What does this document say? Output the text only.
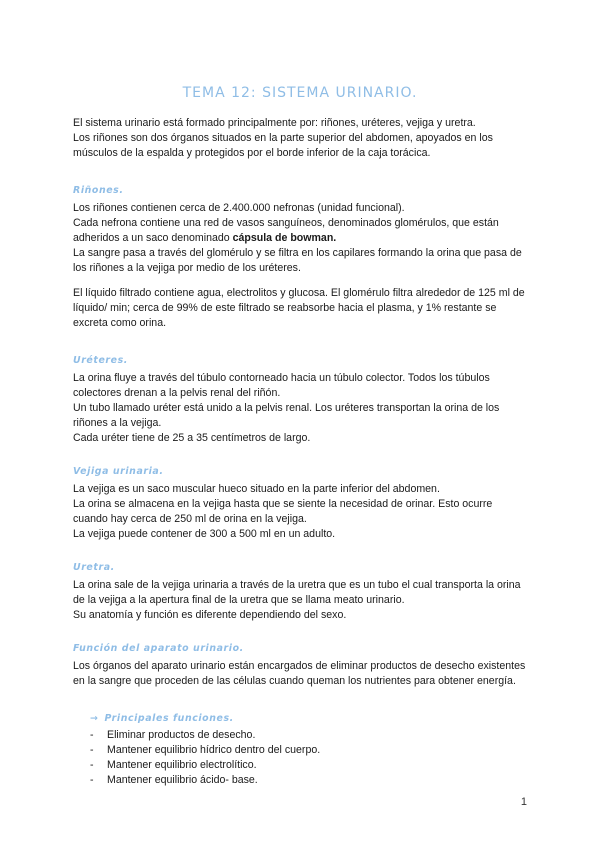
TEMA 12: SISTEMA URINARIO.

El sistema urinario está formado principalmente por: riñones, uréteres, vejiga y uretra.

Los riñones son dos órganos situados en la parte superior del abdomen, apoyados en los músculos de la espalda y protegidos por el borde inferior de la caja torácica.

Riñones.

Los riñones contienen cerca de 2.400.000 nefronas (unidad funcional).

Cada nefrona contiene una red de vasos sanguíneos, denominados glomérulos, que están adheridos a un saco denominado cápsula de bowman.

La sangre pasa a través del glomérulo y se filtra en los capilares formando la orina que pasa de los riñones a la vejiga por medio de los uréteres.

El líquido filtrado contiene agua, electrolitos y glucosa. El glomérulo filtra alrededor de 125 ml de líquido/ min; cerca de 99% de este filtrado se reabsorbe hacia el plasma, y 1% restante se excreta como orina.

Uréteres.

La orina fluye a través del túbulo contorneado hacia un túbulo colector. Todos los túbulos colectores drenan a la pelvis renal del riñón.

Un tubo llamado uréter está unido a la pelvis renal. Los uréteres transportan la orina de los riñones a la vejiga.

Cada uréter tiene de 25 a 35 centímetros de largo.

Vejiga urinaria.

La vejiga es un saco muscular hueco situado en la parte inferior del abdomen.

La orina se almacena en la vejiga hasta que se siente la necesidad de orinar. Esto ocurre cuando hay cerca de 250 ml de orina en la vejiga.

La vejiga puede contener de 300 a 500 ml en un adulto.

Uretra.

La orina sale de la vejiga urinaria a través de la uretra que es un tubo el cual transporta la orina de la vejiga a la apertura final de la uretra que se llama meato urinario.

Su anatomía y función es diferente dependiendo del sexo.

Función del aparato urinario.

Los órganos del aparato urinario están encargados de eliminar productos de desecho existentes en la sangre que proceden de las células cuando queman los nutrientes para obtener energía.

→ Principales funciones.

- Eliminar productos de desecho.
- Mantener equilibrio hídrico dentro del cuerpo.
- Mantener equilibrio electrolítico.
- Mantener equilibrio ácido- base.
1
